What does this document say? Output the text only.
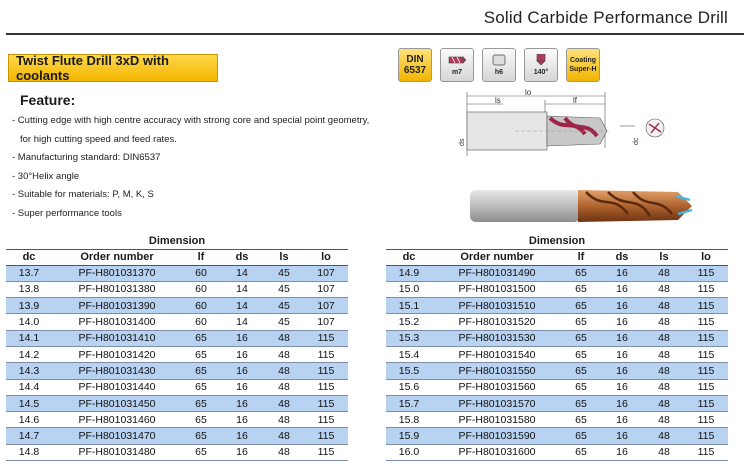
Solid Carbide Performance Drill
Twist Flute Drill 3xD with coolants
Feature:
- Cutting edge with high centre accuracy with strong core and special point geometry,
for high cutting speed and feed rates.
- Manufacturing standard: DIN6537
- 30°Helix angle
- Suitable for materials: P, M, K, S
- Super performance tools
DIN
6537	m7	h6	140°
Coating
Super-H
lo
ls	lf
ds	dc
Dimension					
dc	Order number	lf	ds	ls	lo
13.7	PF-H801031370	60	14	45	107
13.8	PF-H801031380	60	14	45	107
13.9	PF-H801031390	60	14	45	107
14.0	PF-H801031400	60	14	45	107
14.1	PF-H801031410	65	16	48	115
14.2	PF-H801031420	65	16	48	115
14.3	PF-H801031430	65	16	48	115
14.4	PF-H801031440	65	16	48	115
14.5	PF-H801031450	65	16	48	115
14.6	PF-H801031460	65	16	48	115
14.7	PF-H801031470	65	16	48	115
14.8	PF-H801031480	65	16	48	115
Dimension					
dc	Order number	lf	ds	ls	lo
14.9	PF-H801031490	65	16	48	115
15.0	PF-H801031500	65	16	48	115
15.1	PF-H801031510	65	16	48	115
15.2	PF-H801031520	65	16	48	115
15.3	PF-H801031530	65	16	48	115
15.4	PF-H801031540	65	16	48	115
15.5	PF-H801031550	65	16	48	115
15.6	PF-H801031560	65	16	48	115
15.7	PF-H801031570	65	16	48	115
15.8	PF-H801031580	65	16	48	115
15.9	PF-H801031590	65	16	48	115
16.0	PF-H801031600	65	16	48	115
